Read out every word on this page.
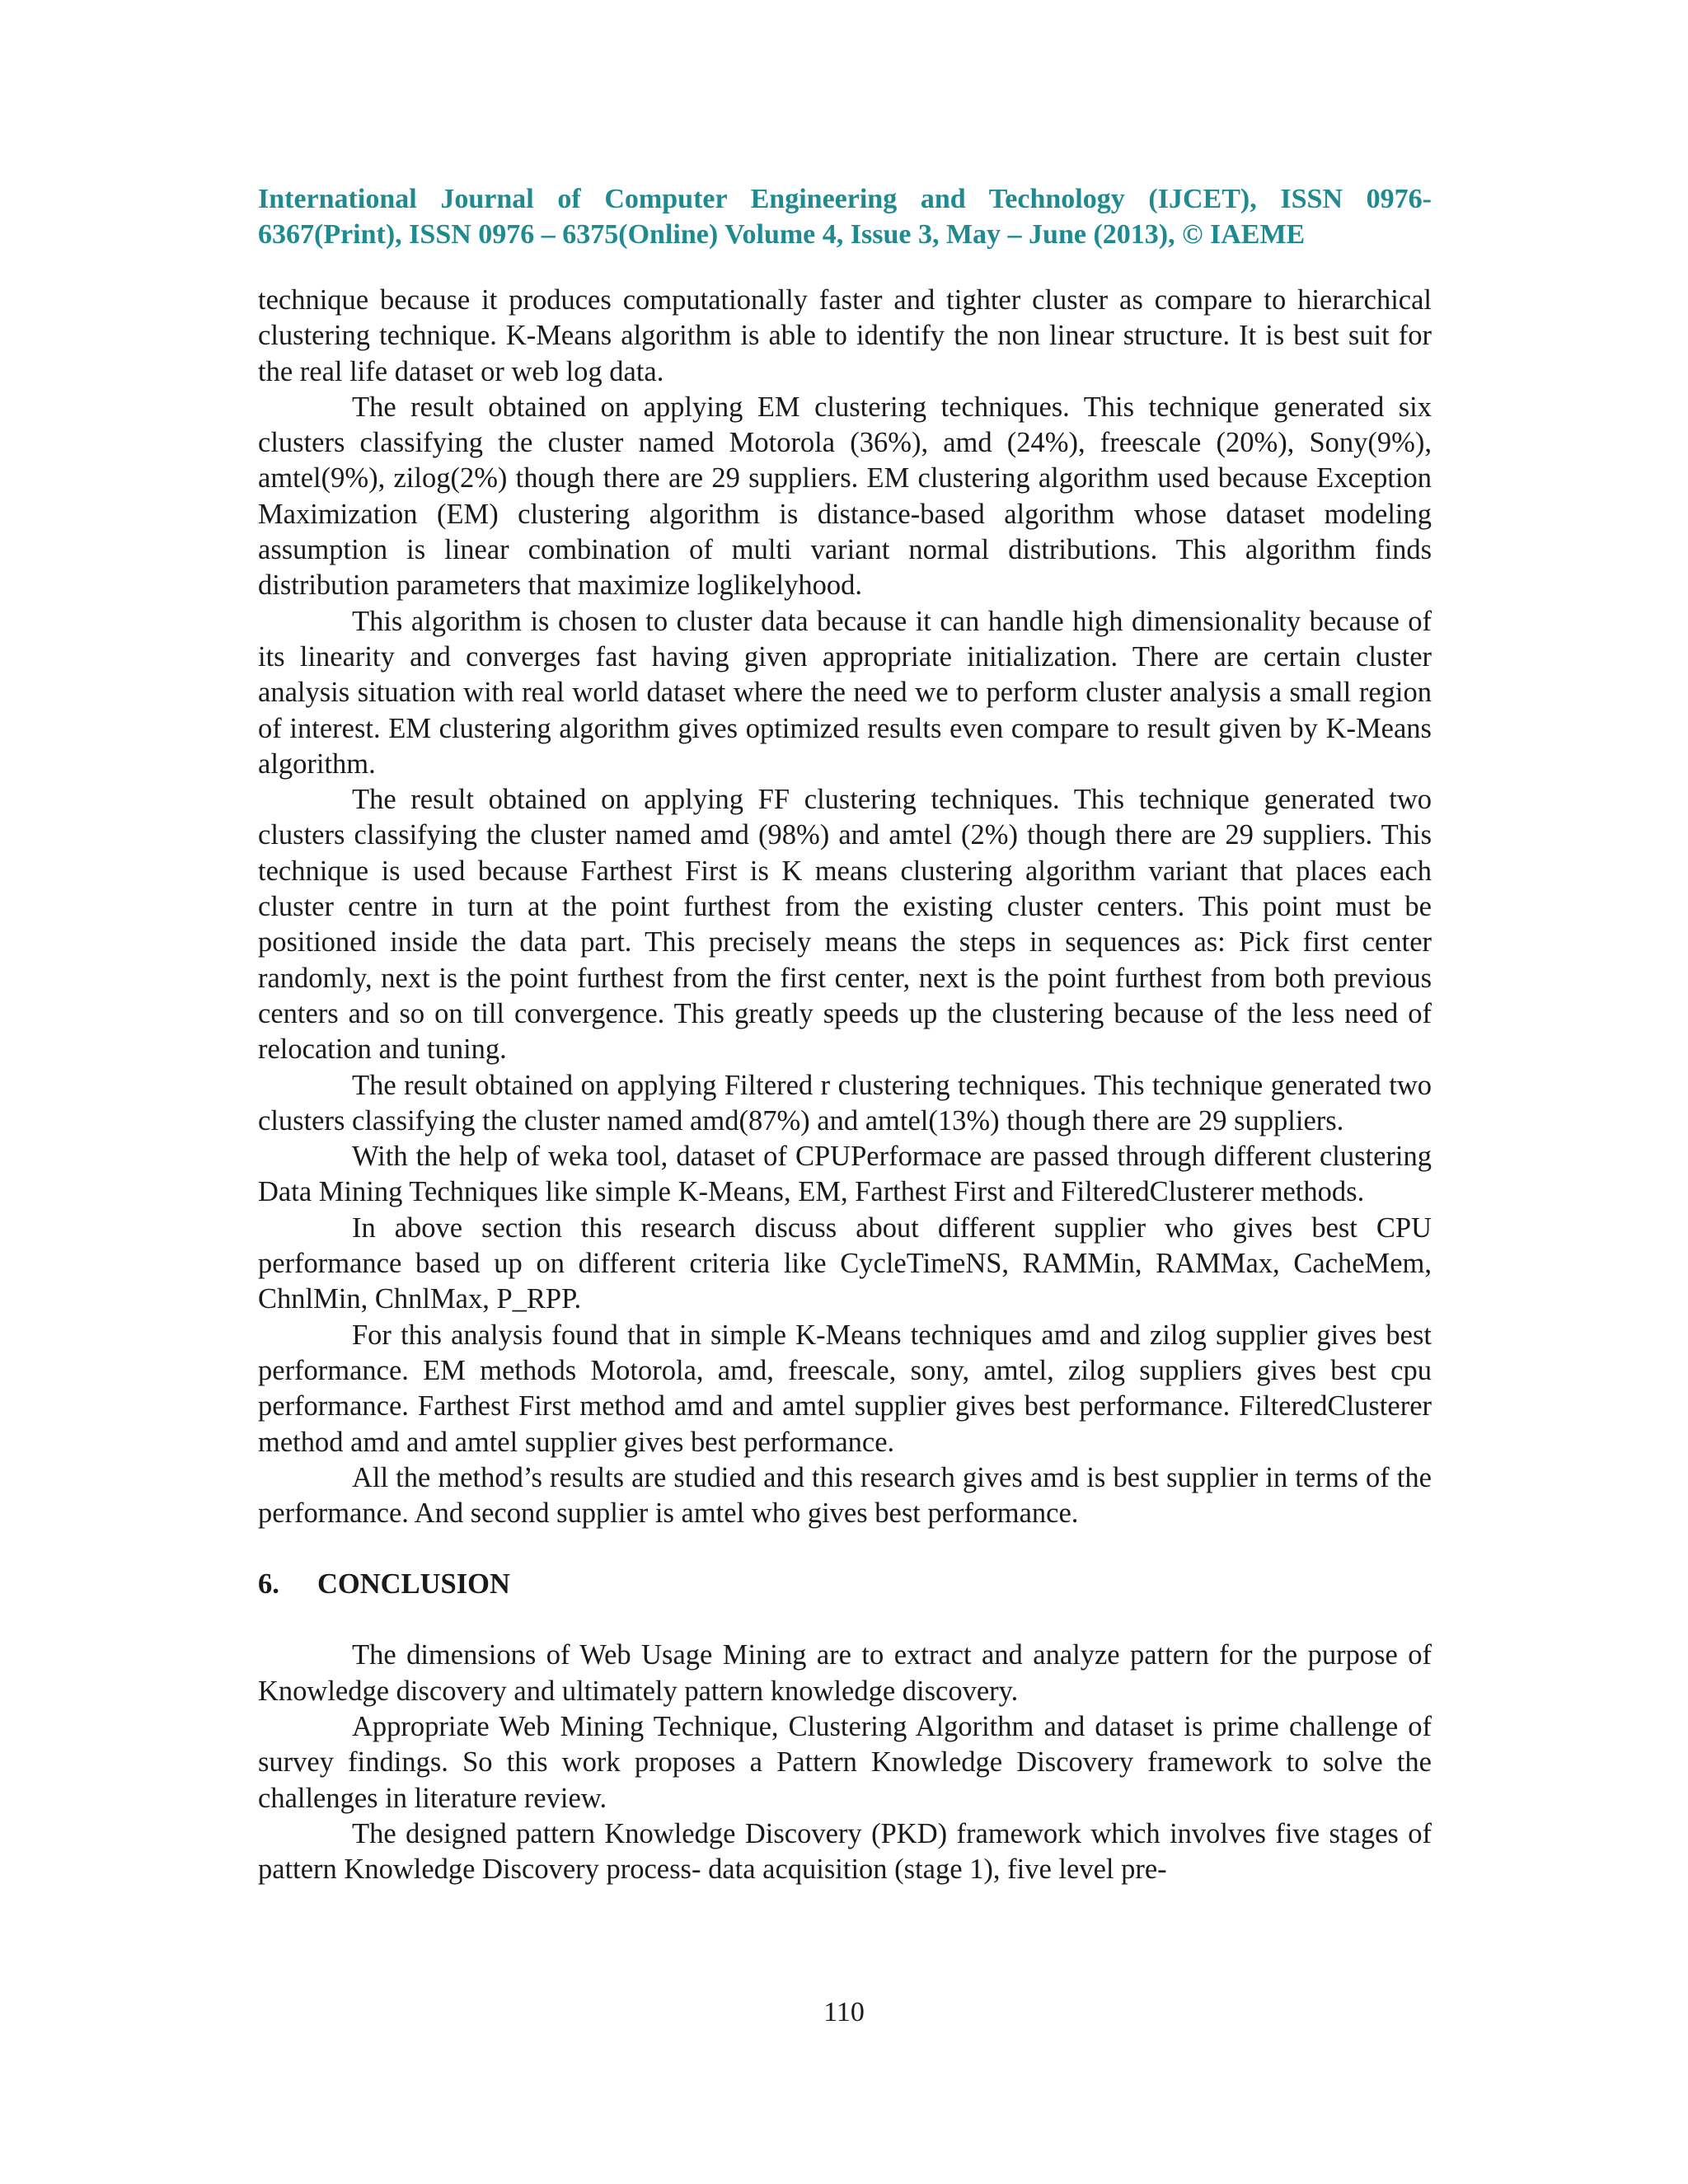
International Journal of Computer Engineering and Technology (IJCET), ISSN 0976-
6367(Print), ISSN 0976 – 6375(Online) Volume 4, Issue 3, May – June (2013), © IAEME

technique because it produces computationally faster and tighter cluster as compare to hierarchical clustering technique. K-Means algorithm is able to identify the non linear structure. It is best suit for the real life dataset or web log data.

The result obtained on applying EM clustering techniques. This technique generated six clusters classifying the cluster named Motorola (36%), amd (24%), freescale (20%), Sony(9%), amtel(9%), zilog(2%) though there are 29 suppliers. EM clustering algorithm used because Exception Maximization (EM) clustering algorithm is distance-based algorithm whose dataset modeling assumption is linear combination of multi variant normal distributions. This algorithm finds distribution parameters that maximize loglikelyhood.

This algorithm is chosen to cluster data because it can handle high dimensionality because of its linearity and converges fast having given appropriate initialization. There are certain cluster analysis situation with real world dataset where the need we to perform cluster analysis a small region of interest. EM clustering algorithm gives optimized results even compare to result given by K-Means algorithm.

The result obtained on applying FF clustering techniques. This technique generated two clusters classifying the cluster named amd (98%) and amtel (2%) though there are 29 suppliers. This technique is used because Farthest First is K means clustering algorithm variant that places each cluster centre in turn at the point furthest from the existing cluster centers. This point must be positioned inside the data part. This precisely means the steps in sequences as: Pick first center randomly, next is the point furthest from the first center, next is the point furthest from both previous centers and so on till convergence. This greatly speeds up the clustering because of the less need of relocation and tuning.

The result obtained on applying Filtered r clustering techniques. This technique generated two clusters classifying the cluster named amd(87%) and amtel(13%) though there are 29 suppliers.

With the help of weka tool, dataset of CPUPerformace are passed through different clustering Data Mining Techniques like simple K-Means, EM, Farthest First and FilteredClusterer methods.

In above section this research discuss about different supplier who gives best CPU performance based up on different criteria like CycleTimeNS, RAMMin, RAMMax, CacheMem, ChnlMin, ChnlMax, P_RPP.

For this analysis found that in simple K-Means techniques amd and zilog supplier gives best performance. EM methods Motorola, amd, freescale, sony, amtel, zilog suppliers gives best cpu performance. Farthest First method amd and amtel supplier gives best performance. FilteredClusterer method amd and amtel supplier gives best performance.

All the method’s results are studied and this research gives amd is best supplier in terms of the performance. And second supplier is amtel who gives best performance.

6. CONCLUSION

The dimensions of Web Usage Mining are to extract and analyze pattern for the purpose of Knowledge discovery and ultimately pattern knowledge discovery.

Appropriate Web Mining Technique, Clustering Algorithm and dataset is prime challenge of survey findings. So this work proposes a Pattern Knowledge Discovery framework to solve the challenges in literature review.

The designed pattern Knowledge Discovery (PKD) framework which involves five stages of pattern Knowledge Discovery process- data acquisition (stage 1), five level pre-

110
